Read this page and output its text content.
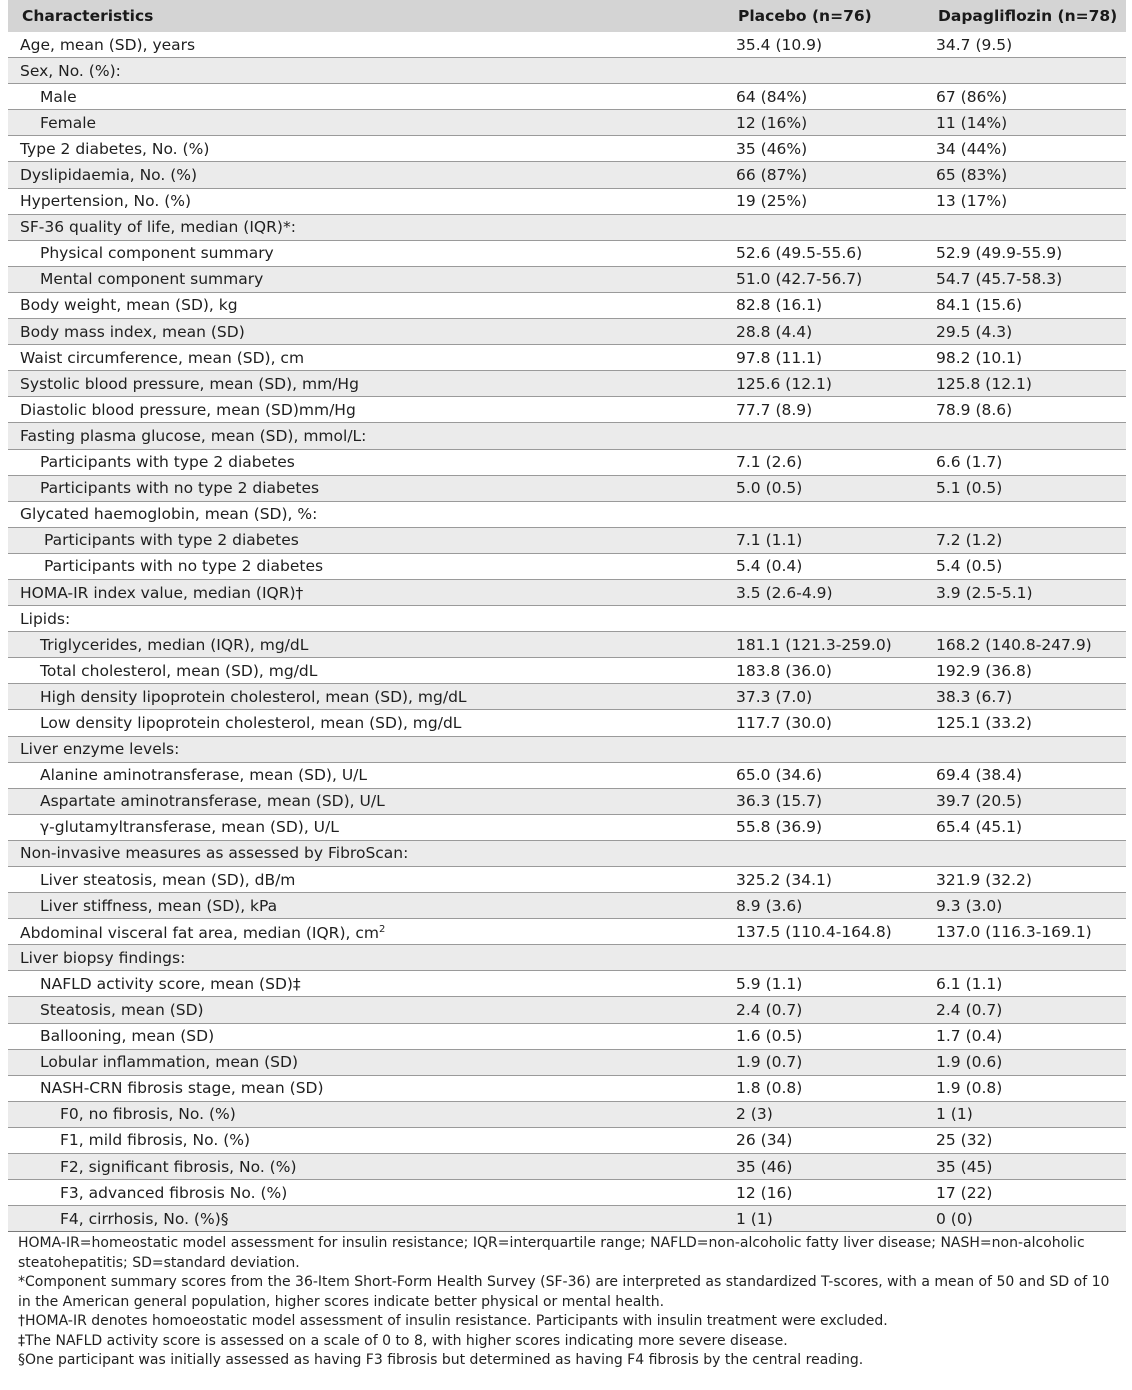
Characteristics	Placebo (n=76)	Dapagliflozin (n=78)
Age, mean (SD), years	35.4 (10.9)	34.7 (9.5)
Sex, No. (%):		
Male	64 (84%)	67 (86%)
Female	12 (16%)	11 (14%)
Type 2 diabetes, No. (%)	35 (46%)	34 (44%)
Dyslipidaemia, No. (%)	66 (87%)	65 (83%)
Hypertension, No. (%)	19 (25%)	13 (17%)
SF-36 quality of life, median (IQR)*:		
Physical component summary	52.6 (49.5-55.6)	52.9 (49.9-55.9)
Mental component summary	51.0 (42.7-56.7)	54.7 (45.7-58.3)
Body weight, mean (SD), kg	82.8 (16.1)	84.1 (15.6)
Body mass index, mean (SD)	28.8 (4.4)	29.5 (4.3)
Waist circumference, mean (SD), cm	97.8 (11.1)	98.2 (10.1)
Systolic blood pressure, mean (SD), mm/Hg	125.6 (12.1)	125.8 (12.1)
Diastolic blood pressure, mean (SD)mm/Hg	77.7 (8.9)	78.9 (8.6)
Fasting plasma glucose, mean (SD), mmol/L:		
Participants with type 2 diabetes	7.1 (2.6)	6.6 (1.7)
Participants with no type 2 diabetes	5.0 (0.5)	5.1 (0.5)
Glycated haemoglobin, mean (SD), %:		
Participants with type 2 diabetes	7.1 (1.1)	7.2 (1.2)
Participants with no type 2 diabetes	5.4 (0.4)	5.4 (0.5)
HOMA-IR index value, median (IQR)†	3.5 (2.6-4.9)	3.9 (2.5-5.1)
Lipids:		
Triglycerides, median (IQR), mg/dL	181.1 (121.3-259.0)	168.2 (140.8-247.9)
Total cholesterol, mean (SD), mg/dL	183.8 (36.0)	192.9 (36.8)
High density lipoprotein cholesterol, mean (SD), mg/dL	37.3 (7.0)	38.3 (6.7)
Low density lipoprotein cholesterol, mean (SD), mg/dL	117.7 (30.0)	125.1 (33.2)
Liver enzyme levels:		
Alanine aminotransferase, mean (SD), U/L	65.0 (34.6)	69.4 (38.4)
Aspartate aminotransferase, mean (SD), U/L	36.3 (15.7)	39.7 (20.5)
γ-glutamyltransferase, mean (SD), U/L	55.8 (36.9)	65.4 (45.1)
Non-invasive measures as assessed by FibroScan:		
Liver steatosis, mean (SD), dB/m	325.2 (34.1)	321.9 (32.2)
Liver stiffness, mean (SD), kPa	8.9 (3.6)	9.3 (3.0)
Abdominal visceral fat area, median (IQR), $cm^2$	137.5 (110.4-164.8)	137.0 (116.3-169.1)
Liver biopsy findings:		
NAFLD activity score, mean (SD)‡	5.9 (1.1)	6.1 (1.1)
Steatosis, mean (SD)	2.4 (0.7)	2.4 (0.7)
Ballooning, mean (SD)	1.6 (0.5)	1.7 (0.4)
Lobular inflammation, mean (SD)	1.9 (0.7)	1.9 (0.6)
NASH-CRN fibrosis stage, mean (SD)	1.8 (0.8)	1.9 (0.8)
F0, no fibrosis, No. (%)	2 (3)	1 (1)
F1, mild fibrosis, No. (%)	26 (34)	25 (32)
F2, significant fibrosis, No. (%)	35 (46)	35 (45)
F3, advanced fibrosis No. (%)	12 (16)	17 (22)
F4, cirrhosis, No. (%)§	1 (1)	0 (0)
HOMA-IR=homeostatic model assessment for insulin resistance; IQR=interquartile range; NAFLD=non-alcoholic fatty liver disease; NASH=non-alcoholic steatohepatitis; SD=standard deviation.
*Component summary scores from the 36-Item Short-Form Health Survey (SF-36) are interpreted as standardized T-scores, with a mean of 50 and SD of 10 in the American general population, higher scores indicate better physical or mental health.
†HOMA-IR denotes homoeostatic model assessment of insulin resistance. Participants with insulin treatment were excluded.
‡The NAFLD activity score is assessed on a scale of 0 to 8, with higher scores indicating more severe disease.
§One participant was initially assessed as having F3 fibrosis but determined as having F4 fibrosis by the central reading.
